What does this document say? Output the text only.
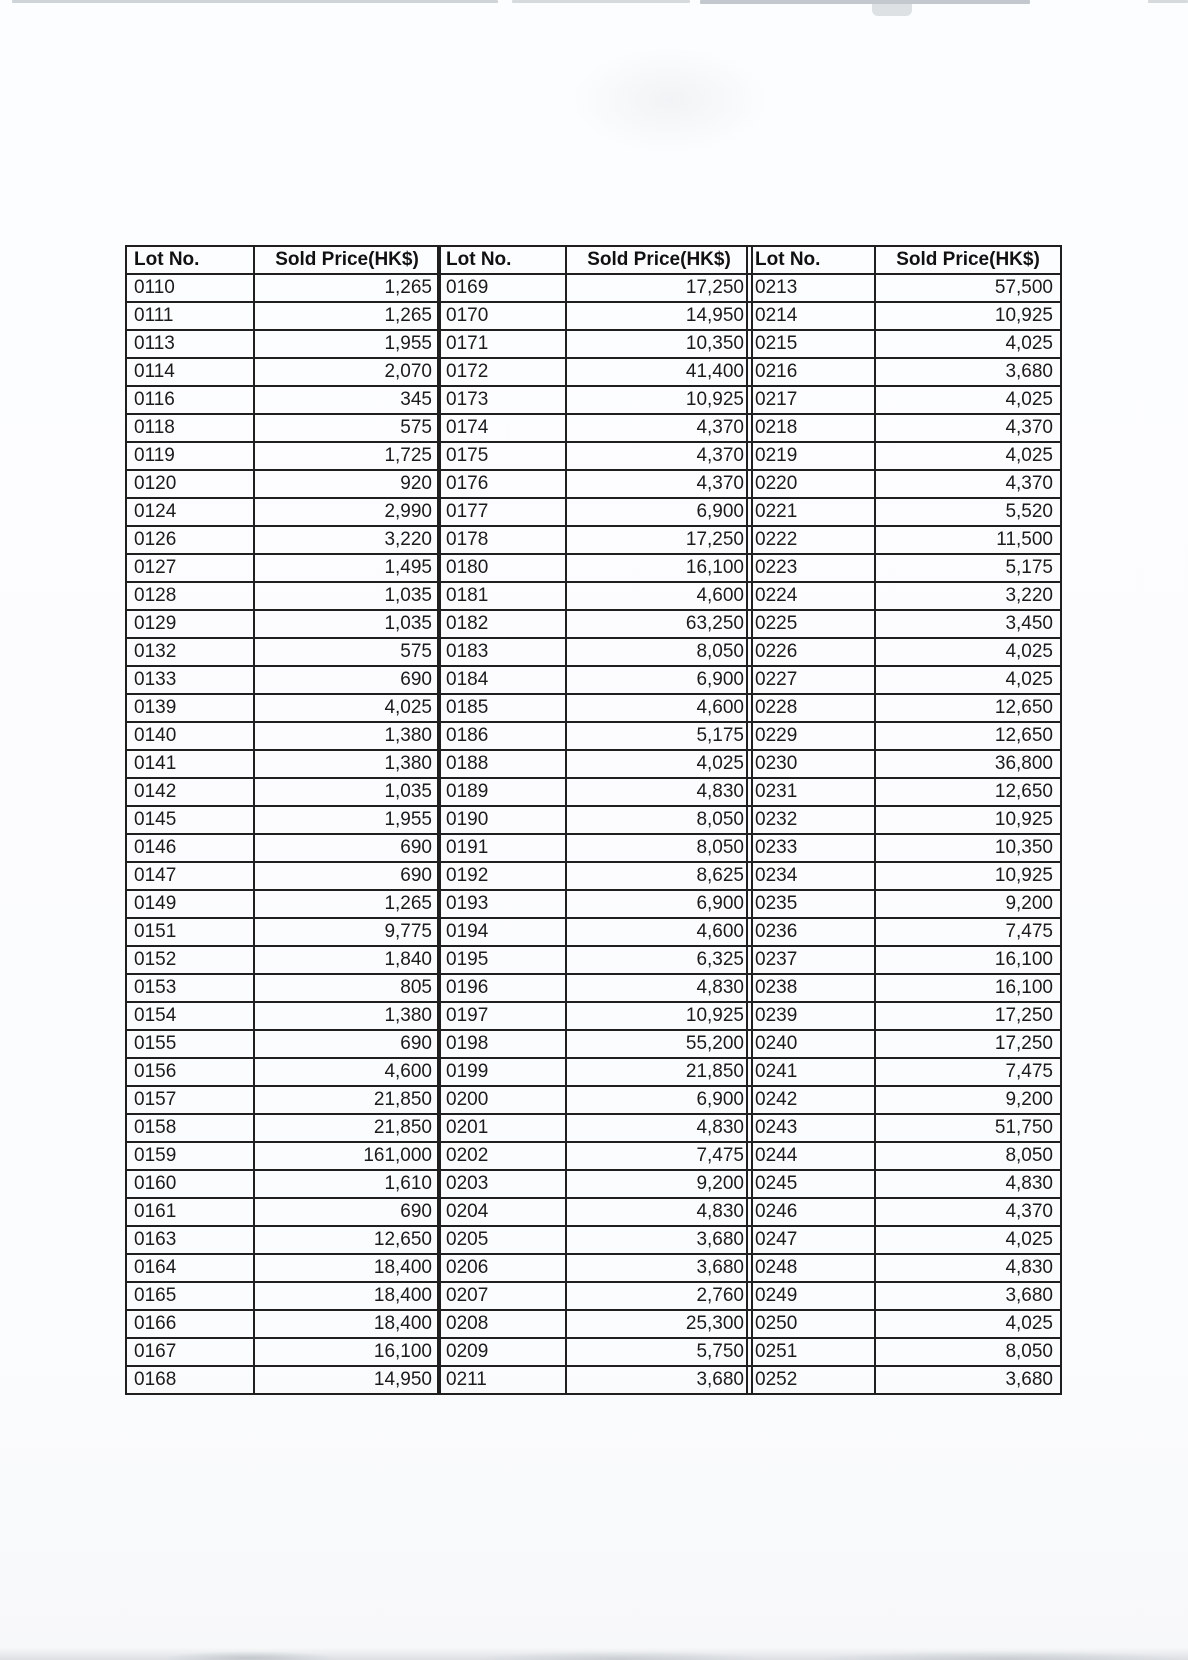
Lot No.	Sold Price(HK$)
0110	1,265
0111	1,265
0113	1,955
0114	2,070
0116	345
0118	575
0119	1,725
0120	920
0124	2,990
0126	3,220
0127	1,495
0128	1,035
0129	1,035
0132	575
0133	690
0139	4,025
0140	1,380
0141	1,380
0142	1,035
0145	1,955
0146	690
0147	690
0149	1,265
0151	9,775
0152	1,840
0153	805
0154	1,380
0155	690
0156	4,600
0157	21,850
0158	21,850
0159	161,000
0160	1,610
0161	690
0163	12,650
0164	18,400
0165	18,400
0166	18,400
0167	16,100
0168	14,950
Lot No.	Sold Price(HK$)
0169	17,250
0170	14,950
0171	10,350
0172	41,400
0173	10,925
0174	4,370
0175	4,370
0176	4,370
0177	6,900
0178	17,250
0180	16,100
0181	4,600
0182	63,250
0183	8,050
0184	6,900
0185	4,600
0186	5,175
0188	4,025
0189	4,830
0190	8,050
0191	8,050
0192	8,625
0193	6,900
0194	4,600
0195	6,325
0196	4,830
0197	10,925
0198	55,200
0199	21,850
0200	6,900
0201	4,830
0202	7,475
0203	9,200
0204	4,830
0205	3,680
0206	3,680
0207	2,760
0208	25,300
0209	5,750
0211	3,680
Lot No.	Sold Price(HK$)
0213	57,500
0214	10,925
0215	4,025
0216	3,680
0217	4,025
0218	4,370
0219	4,025
0220	4,370
0221	5,520
0222	11,500
0223	5,175
0224	3,220
0225	3,450
0226	4,025
0227	4,025
0228	12,650
0229	12,650
0230	36,800
0231	12,650
0232	10,925
0233	10,350
0234	10,925
0235	9,200
0236	7,475
0237	16,100
0238	16,100
0239	17,250
0240	17,250
0241	7,475
0242	9,200
0243	51,750
0244	8,050
0245	4,830
0246	4,370
0247	4,025
0248	4,830
0249	3,680
0250	4,025
0251	8,050
0252	3,680
